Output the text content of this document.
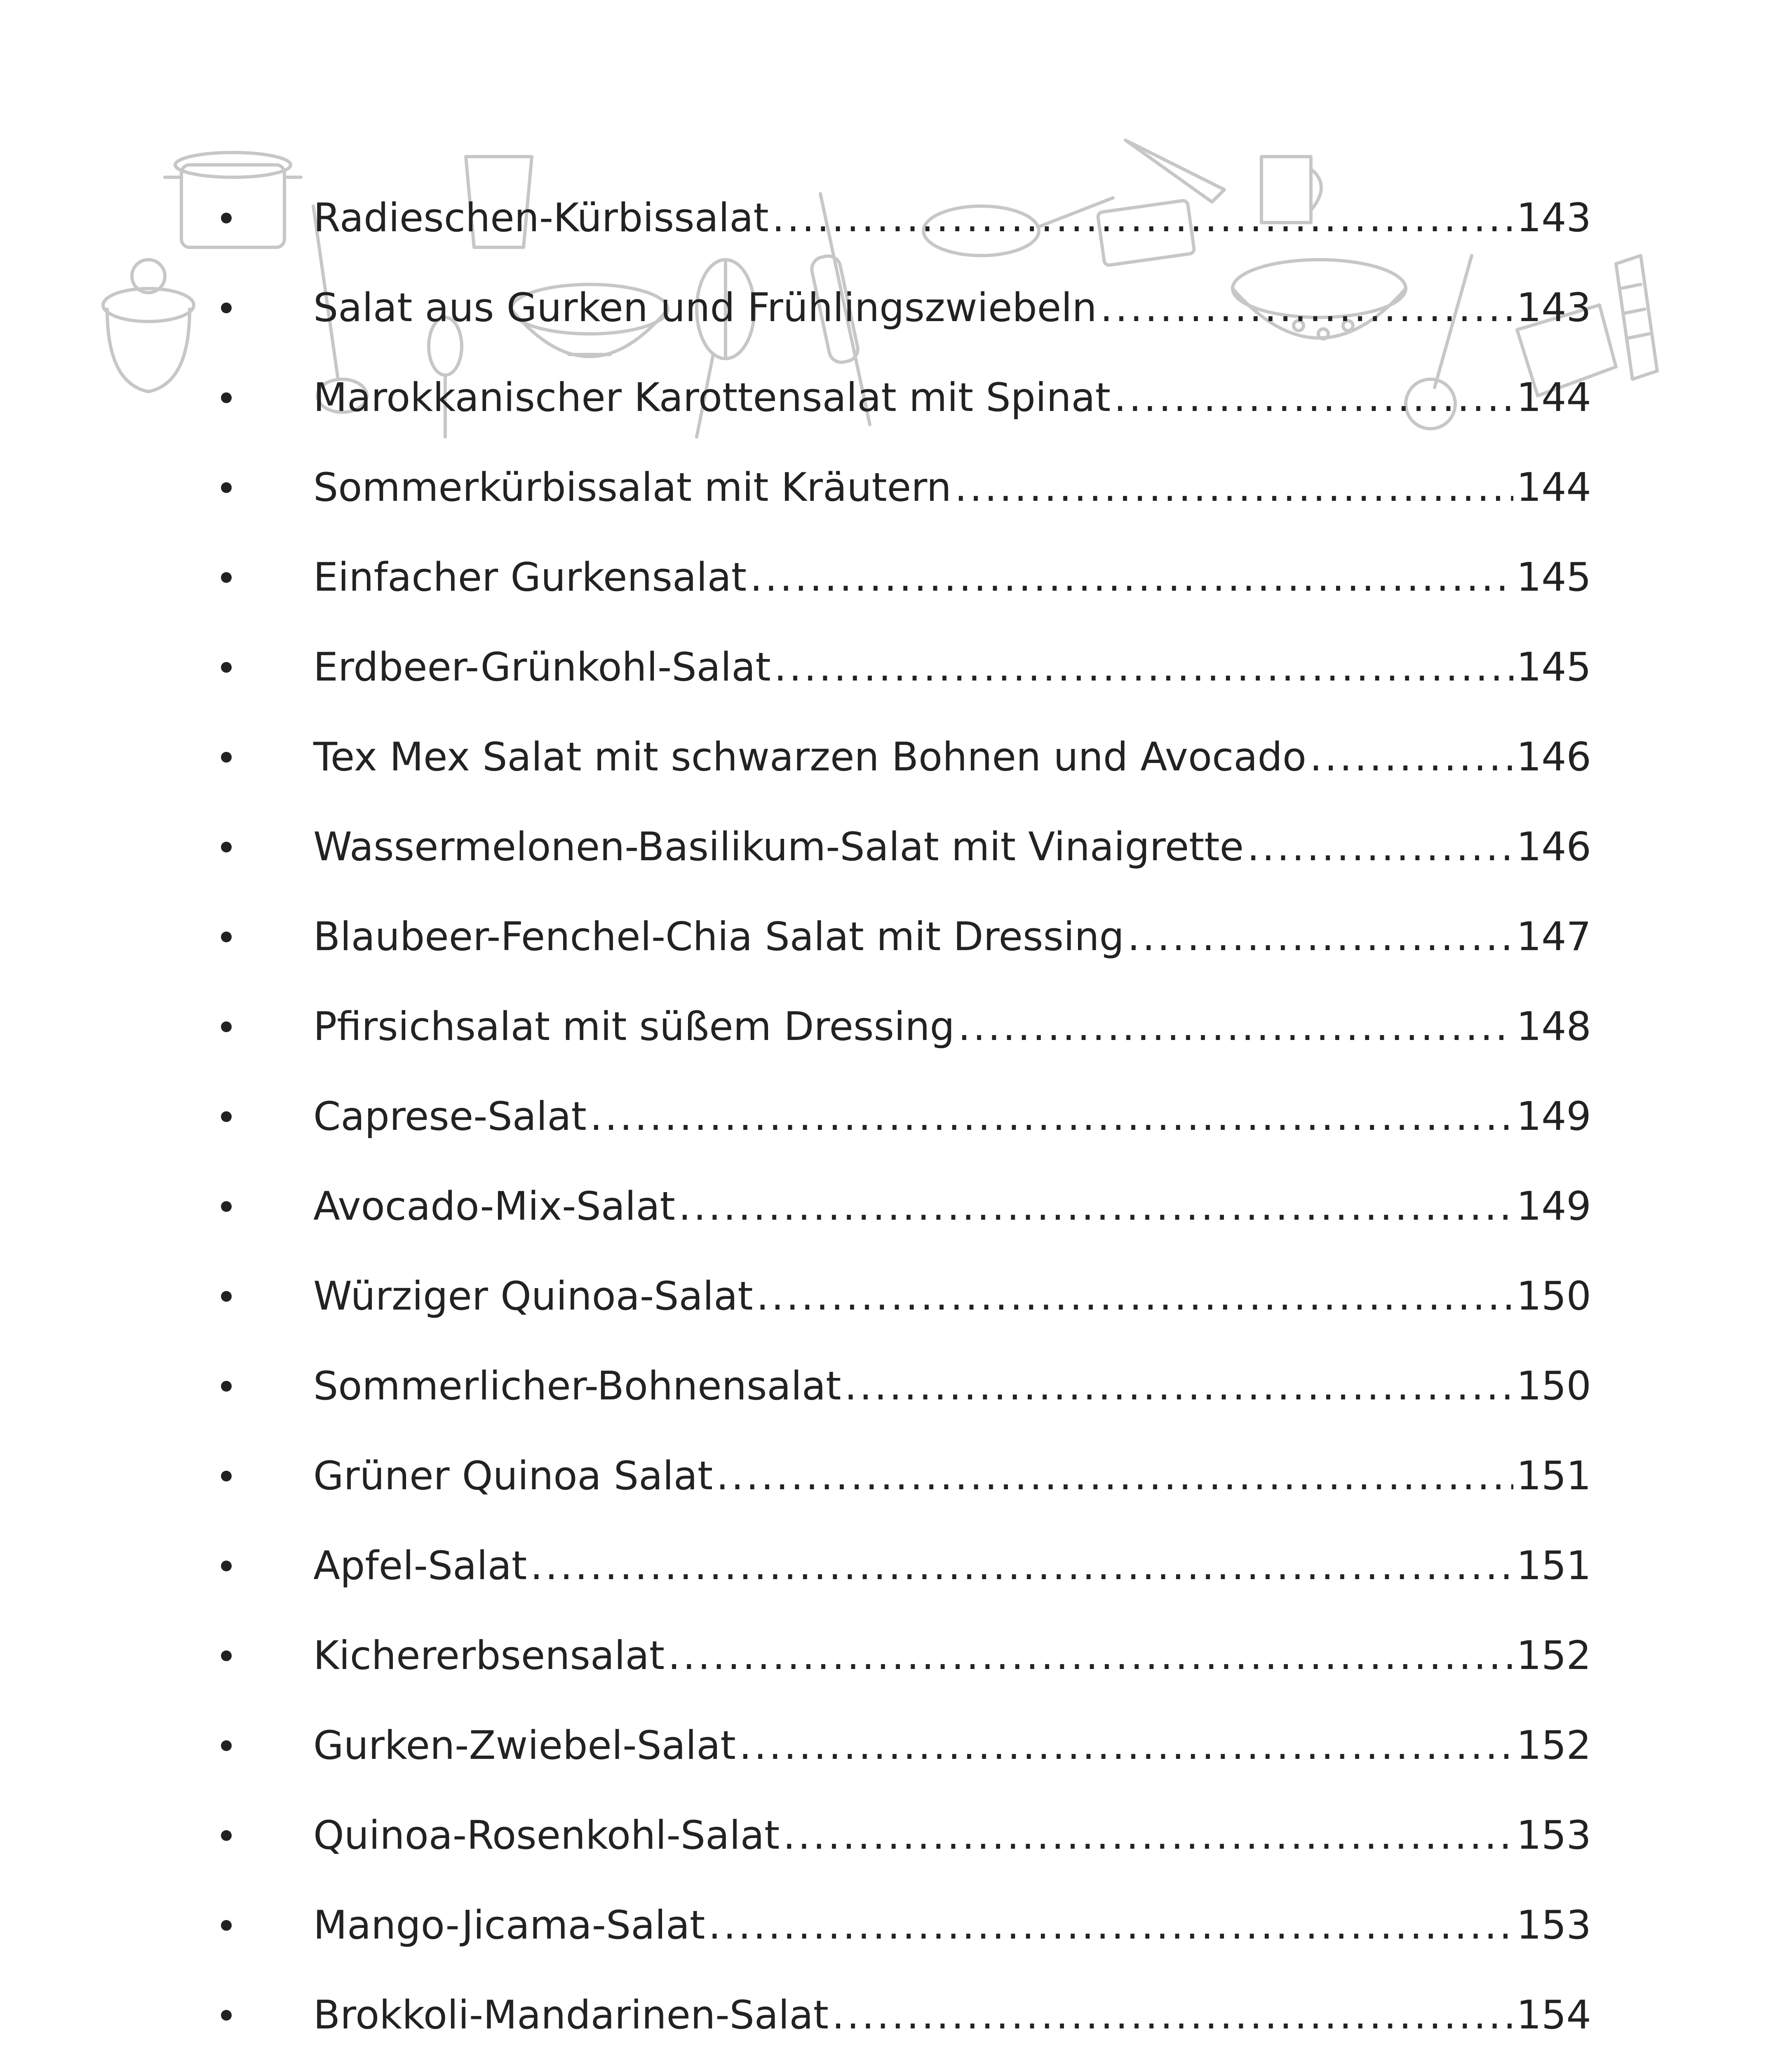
Radieschen-Kürbissalat .....	143
Salat aus Gurken und Frühlingszwiebeln .....	143
Marokkanischer Karottensalat mit Spinat .....	144
Sommerkürbissalat mit Kräutern .....	144
Einfacher Gurkensalat .....	145
Erdbeer-Grünkohl-Salat .....	145
Tex Mex Salat mit schwarzen Bohnen und Avocado .....	146
Wassermelonen-Basilikum-Salat mit Vinaigrette .....	146
Blaubeer-Fenchel-Chia Salat mit Dressing .....	147
Pfirsichsalat mit süßem Dressing .....	148
Caprese-Salat .....	149
Avocado-Mix-Salat .....	149
Würziger Quinoa-Salat .....	150
Sommerlicher-Bohnensalat .....	150
Grüner Quinoa Salat .....	151
Apfel-Salat .....	151
Kichererbsensalat .....	152
Gurken-Zwiebel-Salat .....	152
Quinoa-Rosenkohl-Salat .....	153
Mango-Jicama-Salat .....	153
Brokkoli-Mandarinen-Salat .....	154
